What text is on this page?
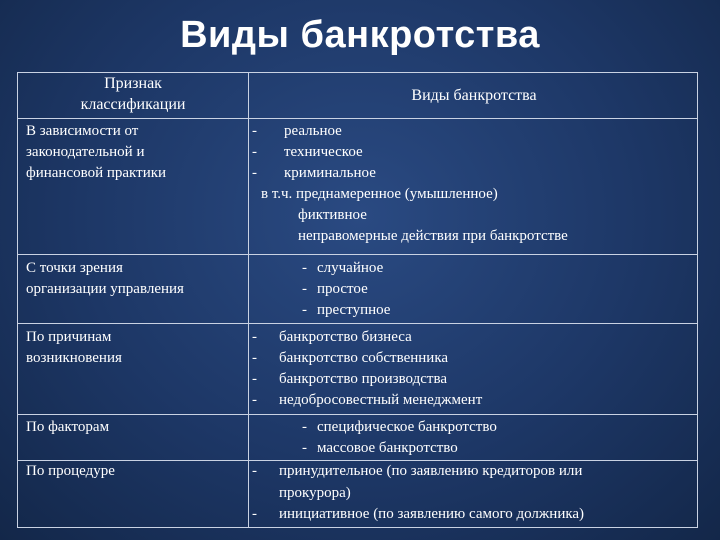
Виды банкротства
Признак
классификации
Виды банкротства
В зависимости от
законодательной и
финансовой практики
- реальное
- техническое
- криминальное
в т.ч. преднамеренное (умышленное)
фиктивное
неправомерные действия при банкротстве
С точки зрения
организации управления
- случайное
- простое
- преступное
По причинам
возникновения
- банкротство бизнеса
- банкротство собственника
- банкротство производства
- недобросовестный менеджмент
По факторам	- специфическое банкротство
- массовое банкротство
По процедуре	- принудительное (по заявлению кредиторов или
прокурора)
- инициативное (по заявлению самого должника)
